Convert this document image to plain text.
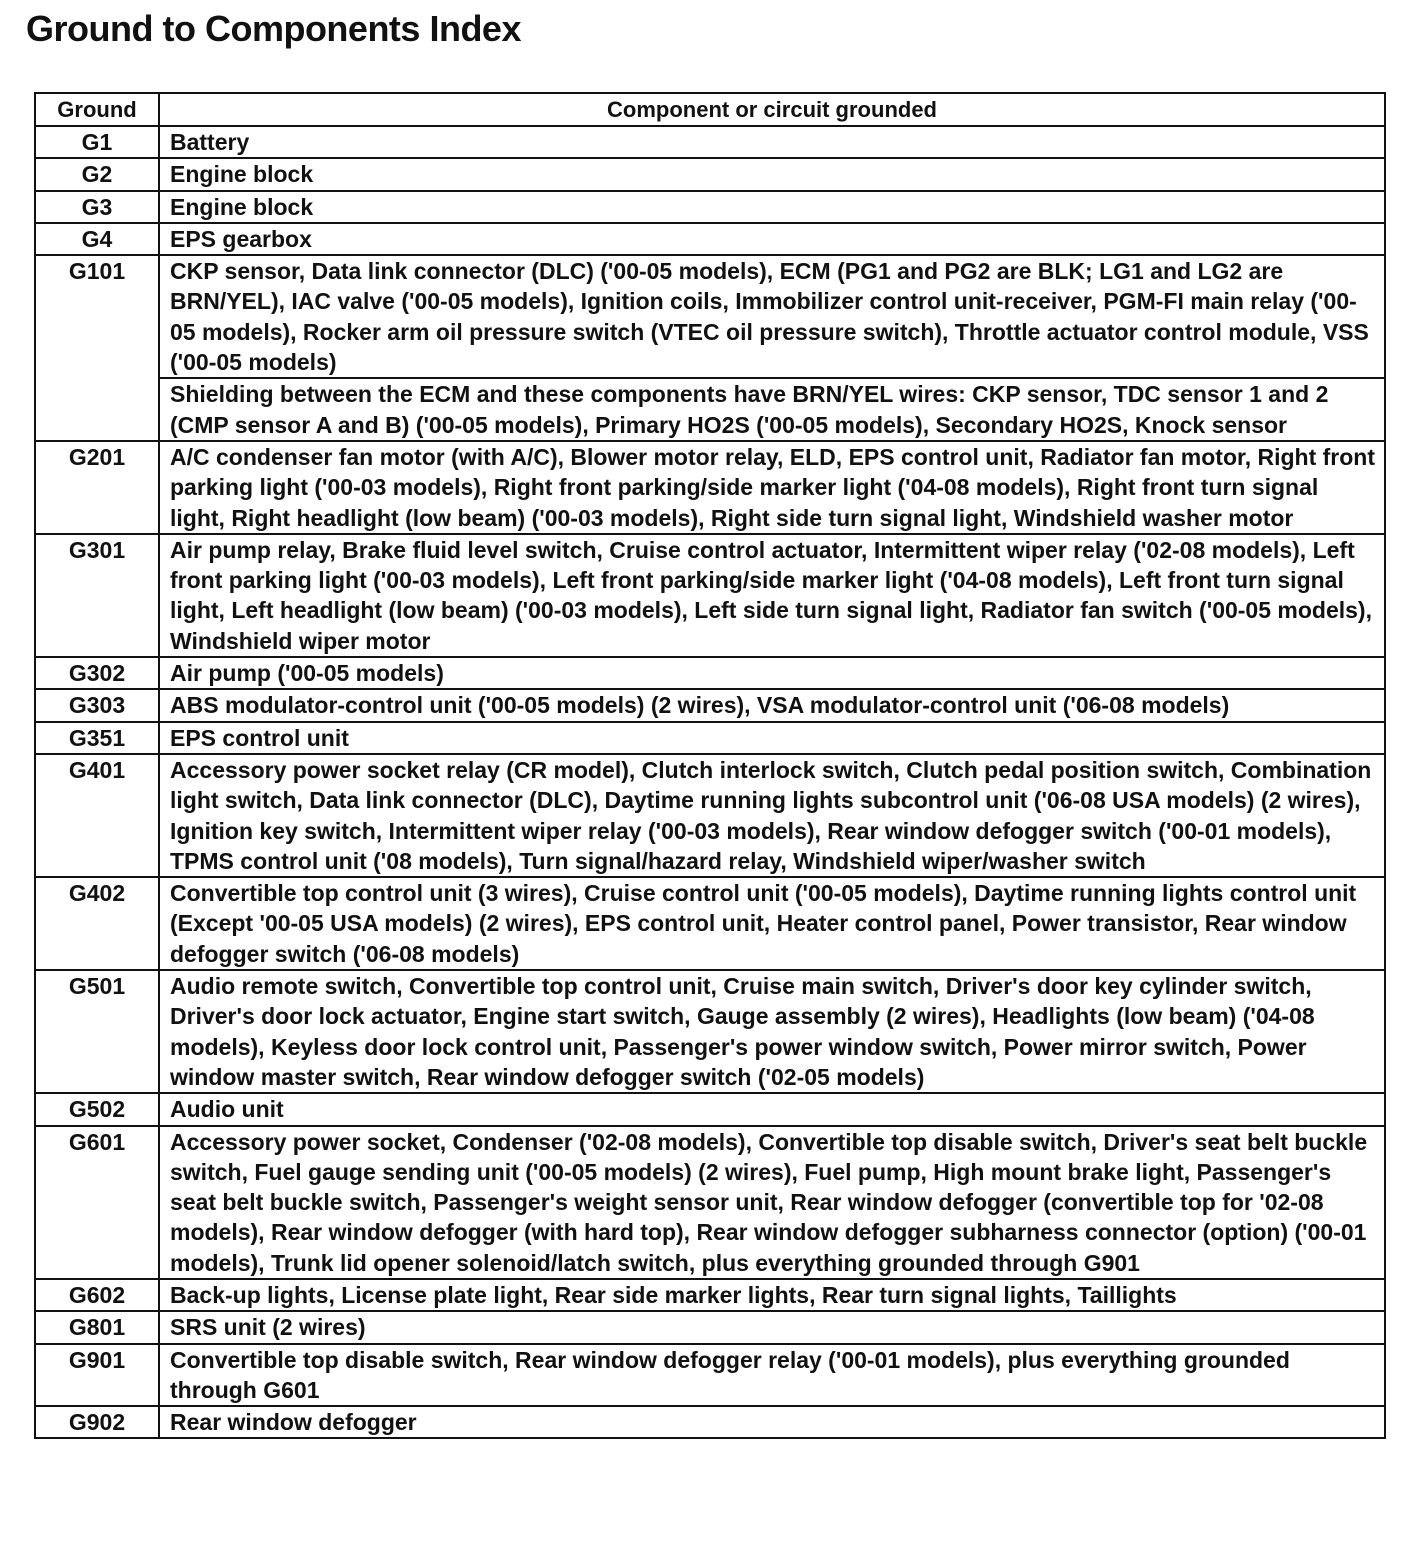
Ground to Components Index
Ground	Component or circuit grounded
G1	Battery
G2	Engine block
G3	Engine block
G4	EPS gearbox
G101	CKP sensor, Data link connector (DLC) ('00-05 models), ECM (PG1 and PG2 are BLK; LG1 and LG2 are BRN/YEL), IAC valve ('00-05 models), Ignition coils, Immobilizer control unit-receiver, PGM-FI main relay ('00-05 models), Rocker arm oil pressure switch (VTEC oil pressure switch), Throttle actuator control module, VSS ('00-05 models)
	Shielding between the ECM and these components have BRN/YEL wires: CKP sensor, TDC sensor 1 and 2 (CMP sensor A and B) ('00-05 models), Primary HO2S ('00-05 models), Secondary HO2S, Knock sensor
G201	A/C condenser fan motor (with A/C), Blower motor relay, ELD, EPS control unit, Radiator fan motor, Right front parking light ('00-03 models), Right front parking/side marker light ('04-08 models), Right front turn signal light, Right headlight (low beam) ('00-03 models), Right side turn signal light, Windshield washer motor
G301	Air pump relay, Brake fluid level switch, Cruise control actuator, Intermittent wiper relay ('02-08 models), Left front parking light ('00-03 models), Left front parking/side marker light ('04-08 models), Left front turn signal light, Left headlight (low beam) ('00-03 models), Left side turn signal light, Radiator fan switch ('00-05 models), Windshield wiper motor
G302	Air pump ('00-05 models)
G303	ABS modulator-control unit ('00-05 models) (2 wires), VSA modulator-control unit ('06-08 models)
G351	EPS control unit
G401	Accessory power socket relay (CR model), Clutch interlock switch, Clutch pedal position switch, Combination light switch, Data link connector (DLC), Daytime running lights subcontrol unit ('06-08 USA models) (2 wires), Ignition key switch, Intermittent wiper relay ('00-03 models), Rear window defogger switch ('00-01 models), TPMS control unit ('08 models), Turn signal/hazard relay, Windshield wiper/washer switch
G402	Convertible top control unit (3 wires), Cruise control unit ('00-05 models), Daytime running lights control unit (Except '00-05 USA models) (2 wires), EPS control unit, Heater control panel, Power transistor, Rear window defogger switch ('06-08 models)
G501	Audio remote switch, Convertible top control unit, Cruise main switch, Driver's door key cylinder switch, Driver's door lock actuator, Engine start switch, Gauge assembly (2 wires), Headlights (low beam) ('04-08 models), Keyless door lock control unit, Passenger's power window switch, Power mirror switch, Power window master switch, Rear window defogger switch ('02-05 models)
G502	Audio unit
G601	Accessory power socket, Condenser ('02-08 models), Convertible top disable switch, Driver's seat belt buckle switch, Fuel gauge sending unit ('00-05 models) (2 wires), Fuel pump, High mount brake light, Passenger's seat belt buckle switch, Passenger's weight sensor unit, Rear window defogger (convertible top for '02-08 models), Rear window defogger (with hard top), Rear window defogger subharness connector (option) ('00-01 models), Trunk lid opener solenoid/latch switch, plus everything grounded through G901
G602	Back-up lights, License plate light, Rear side marker lights, Rear turn signal lights, Taillights
G801	SRS unit (2 wires)
G901	Convertible top disable switch, Rear window defogger relay ('00-01 models), plus everything grounded through G601
G902	Rear window defogger
